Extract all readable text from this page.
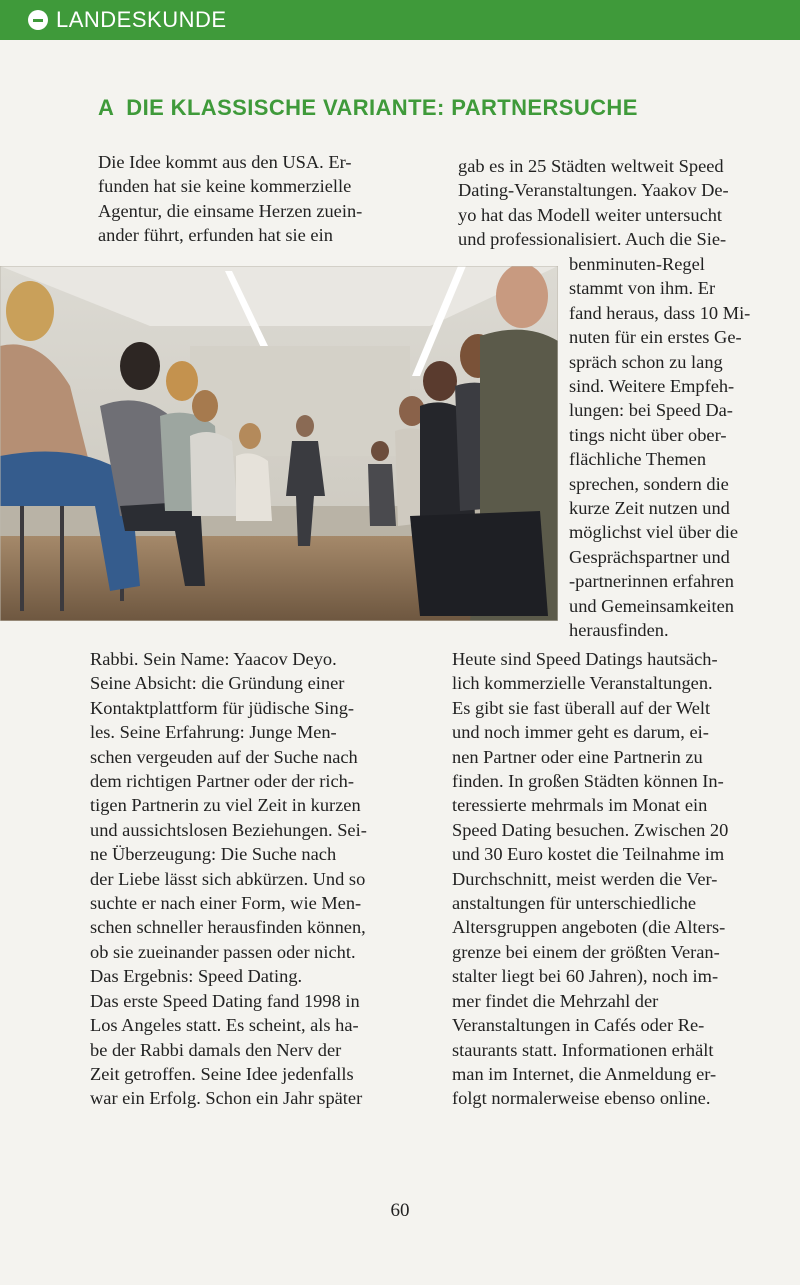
LANDESKUNDE
A DIE KLASSISCHE VARIANTE: PARTNERSUCHE
Die Idee kommt aus den USA. Er-
funden hat sie keine kommerzielle
Agentur, die einsame Herzen zuein-
ander führt, erfunden hat sie ein
gab es in 25 Städten weltweit Speed
Dating-Veranstaltungen. Yaakov De-
yo hat das Modell weiter untersucht
und professionalisiert. Auch die Sie-
benminuten-Regel
stammt von ihm. Er
fand heraus, dass 10 Mi-
nuten für ein erstes Ge-
spräch schon zu lang
sind. Weitere Empfeh-
lungen: bei Speed Da-
tings nicht über ober-
flächliche Themen
sprechen, sondern die
kurze Zeit nutzen und
möglichst viel über die
Gesprächspartner und
-partnerinnen erfahren
und Gemeinsamkeiten
herausfinden.
Rabbi. Sein Name: Yaacov Deyo.
Seine Absicht: die Gründung einer
Kontaktplattform für jüdische Sing-
les. Seine Erfahrung: Junge Men-
schen vergeuden auf der Suche nach
dem richtigen Partner oder der rich-
tigen Partnerin zu viel Zeit in kurzen
und aussichtslosen Beziehungen. Sei-
ne Überzeugung: Die Suche nach
der Liebe lässt sich abkürzen. Und so
suchte er nach einer Form, wie Men-
schen schneller herausfinden können,
ob sie zueinander passen oder nicht.
Das Ergebnis: Speed Dating.
Das erste Speed Dating fand 1998 in
Los Angeles statt. Es scheint, als ha-
be der Rabbi damals den Nerv der
Zeit getroffen. Seine Idee jedenfalls
war ein Erfolg. Schon ein Jahr später
Heute sind Speed Datings hautsäch-
lich kommerzielle Veranstaltungen.
Es gibt sie fast überall auf der Welt
und noch immer geht es darum, ei-
nen Partner oder eine Partnerin zu
finden. In großen Städten können In-
teressierte mehrmals im Monat ein
Speed Dating besuchen. Zwischen 20
und 30 Euro kostet die Teilnahme im
Durchschnitt, meist werden die Ver-
anstaltungen für unterschiedliche
Altersgruppen angeboten (die Alters-
grenze bei einem der größten Veran-
stalter liegt bei 60 Jahren), noch im-
mer findet die Mehrzahl der
Veranstaltungen in Cafés oder Re-
staurants statt. Informationen erhält
man im Internet, die Anmeldung er-
folgt normalerweise ebenso online.
60
